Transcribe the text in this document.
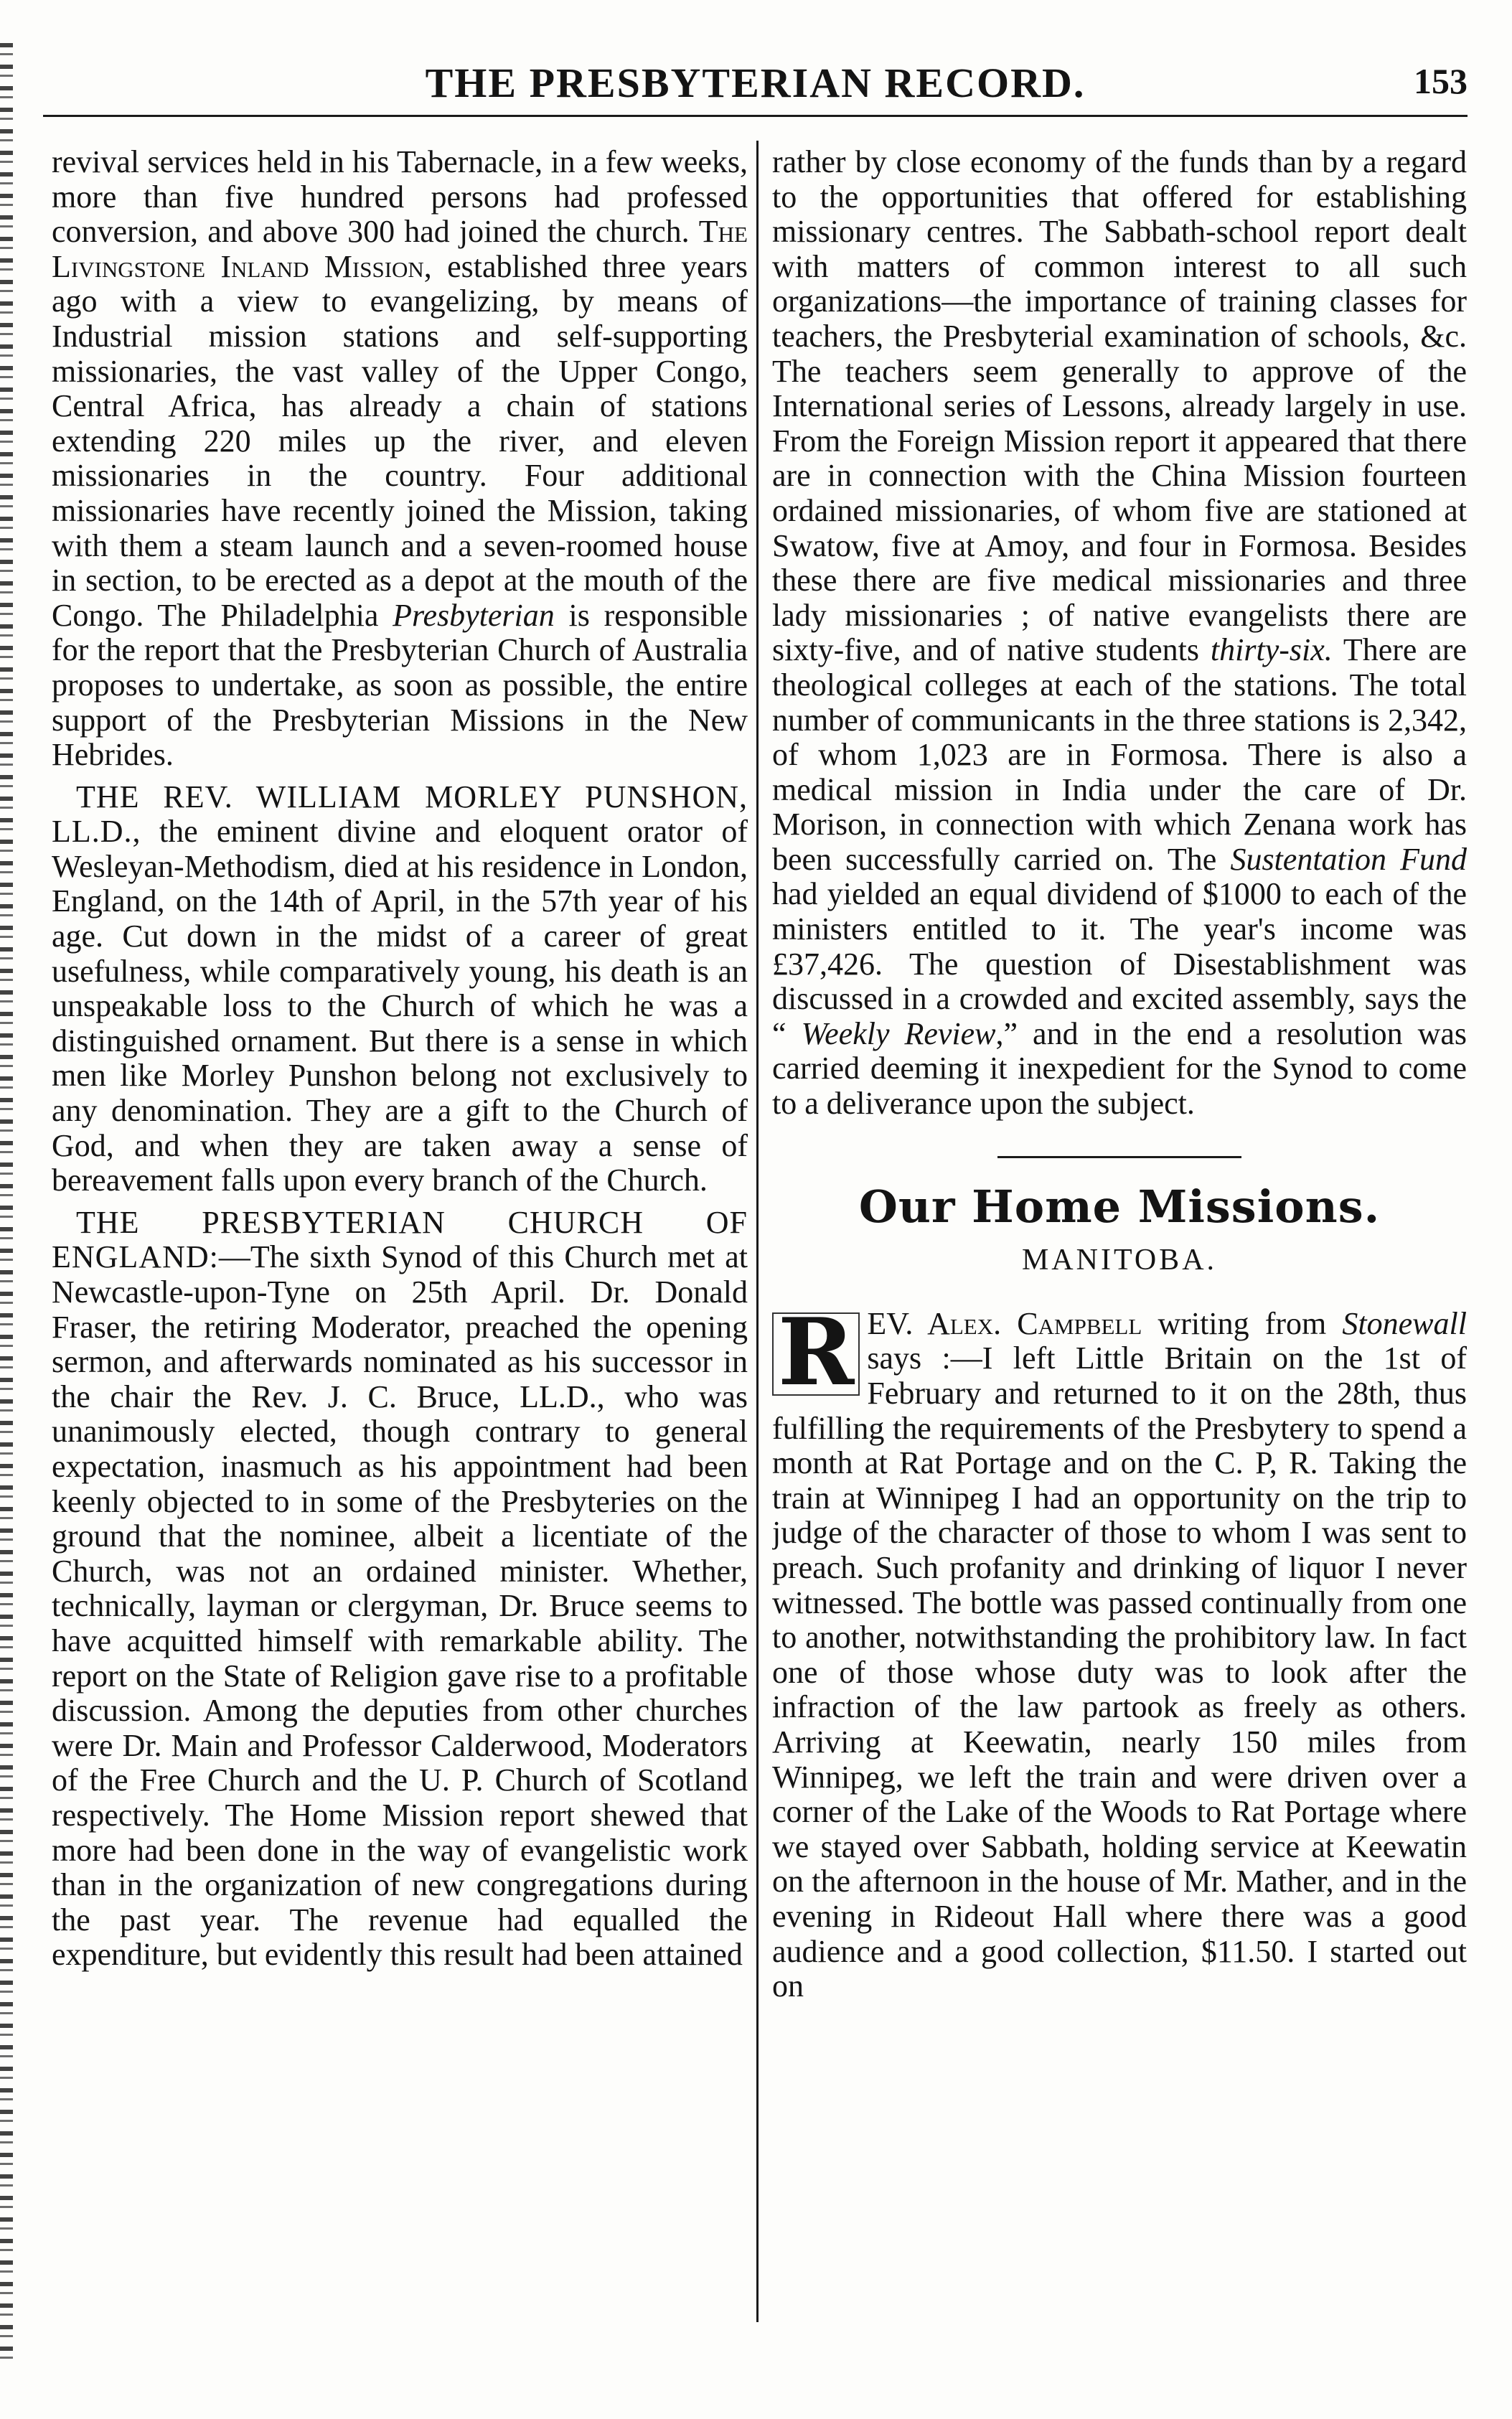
THE PRESBYTERIAN RECORD.	153

revival services held in his Tabernacle, in a few weeks, more than five hundred persons had professed conversion, and above 300 had joined the church. The Livingstone Inland Mission, established three years ago with a view to evangelizing, by means of Industrial mission stations and self-supporting missionaries, the vast valley of the Upper Congo, Central Africa, has already a chain of stations extending 220 miles up the river, and eleven missionaries in the country. Four additional missionaries have recently joined the Mission, taking with them a steam launch and a seven-roomed house in section, to be erected as a depot at the mouth of the Congo. The Philadelphia Presbyterian is responsible for the report that the Presbyterian Church of Australia proposes to undertake, as soon as possible, the entire support of the Presbyterian Missions in the New Hebrides.

THE REV. WILLIAM MORLEY PUNSHON, LL.D., the eminent divine and eloquent orator of Wesleyan-Methodism, died at his residence in London, England, on the 14th of April, in the 57th year of his age. Cut down in the midst of a career of great usefulness, while comparatively young, his death is an unspeakable loss to the Church of which he was a distinguished ornament. But there is a sense in which men like Morley Punshon belong not exclusively to any denomination. They are a gift to the Church of God, and when they are taken away a sense of bereavement falls upon every branch of the Church.

THE PRESBYTERIAN CHURCH OF ENGLAND:—The sixth Synod of this Church met at Newcastle-upon-Tyne on 25th April. Dr. Donald Fraser, the retiring Moderator, preached the opening sermon, and afterwards nominated as his successor in the chair the Rev. J. C. Bruce, LL.D., who was unanimously elected, though contrary to general expectation, inasmuch as his appointment had been keenly objected to in some of the Presbyteries on the ground that the nominee, albeit a licentiate of the Church, was not an ordained minister. Whether, technically, layman or clergyman, Dr. Bruce seems to have acquitted himself with remarkable ability. The report on the State of Religion gave rise to a profitable discussion. Among the deputies from other churches were Dr. Main and Professor Calderwood, Moderators of the Free Church and the U. P. Church of Scotland respectively. The Home Mission report shewed that more had been done in the way of evangelistic work than in the organization of new congregations during the past year. The revenue had equalled the expenditure, but evidently this result had been attained

rather by close economy of the funds than by a regard to the opportunities that offered for establishing missionary centres. The Sabbath-school report dealt with matters of common interest to all such organizations—the importance of training classes for teachers, the Presbyterial examination of schools, &c. The teachers seem generally to approve of the International series of Lessons, already largely in use. From the Foreign Mission report it appeared that there are in connection with the China Mission fourteen ordained missionaries, of whom five are stationed at Swatow, five at Amoy, and four in Formosa. Besides these there are five medical missionaries and three lady missionaries ; of native evangelists there are sixty-five, and of native students thirty-six. There are theological colleges at each of the stations. The total number of communicants in the three stations is 2,342, of whom 1,023 are in Formosa. There is also a medical mission in India under the care of Dr. Morison, in connection with which Zenana work has been successfully carried on. The Sustentation Fund had yielded an equal dividend of $1000 to each of the ministers entitled to it. The year's income was £37,426. The question of Disestablishment was discussed in a crowded and excited assembly, says the “ Weekly Review,” and in the end a resolution was carried deeming it inexpedient for the Synod to come to a deliverance upon the subject.

Our Home Missions.
MANITOBA.

R EV. Alex. Campbell writing from Stonewall says :—I left Little Britain on the 1st of February and returned to it on the 28th, thus fulfilling the requirements of the Presbytery to spend a month at Rat Portage and on the C. P, R. Taking the train at Winnipeg I had an opportunity on the trip to judge of the character of those to whom I was sent to preach. Such profanity and drinking of liquor I never witnessed. The bottle was passed continually from one to another, notwithstanding the prohibitory law. In fact one of those whose duty was to look after the infraction of the law partook as freely as others. Arriving at Keewatin, nearly 150 miles from Winnipeg, we left the train and were driven over a corner of the Lake of the Woods to Rat Portage where we stayed over Sabbath, holding service at Keewatin on the afternoon in the house of Mr. Mather, and in the evening in Rideout Hall where there was a good audience and a good collection, $11.50. I started out on
